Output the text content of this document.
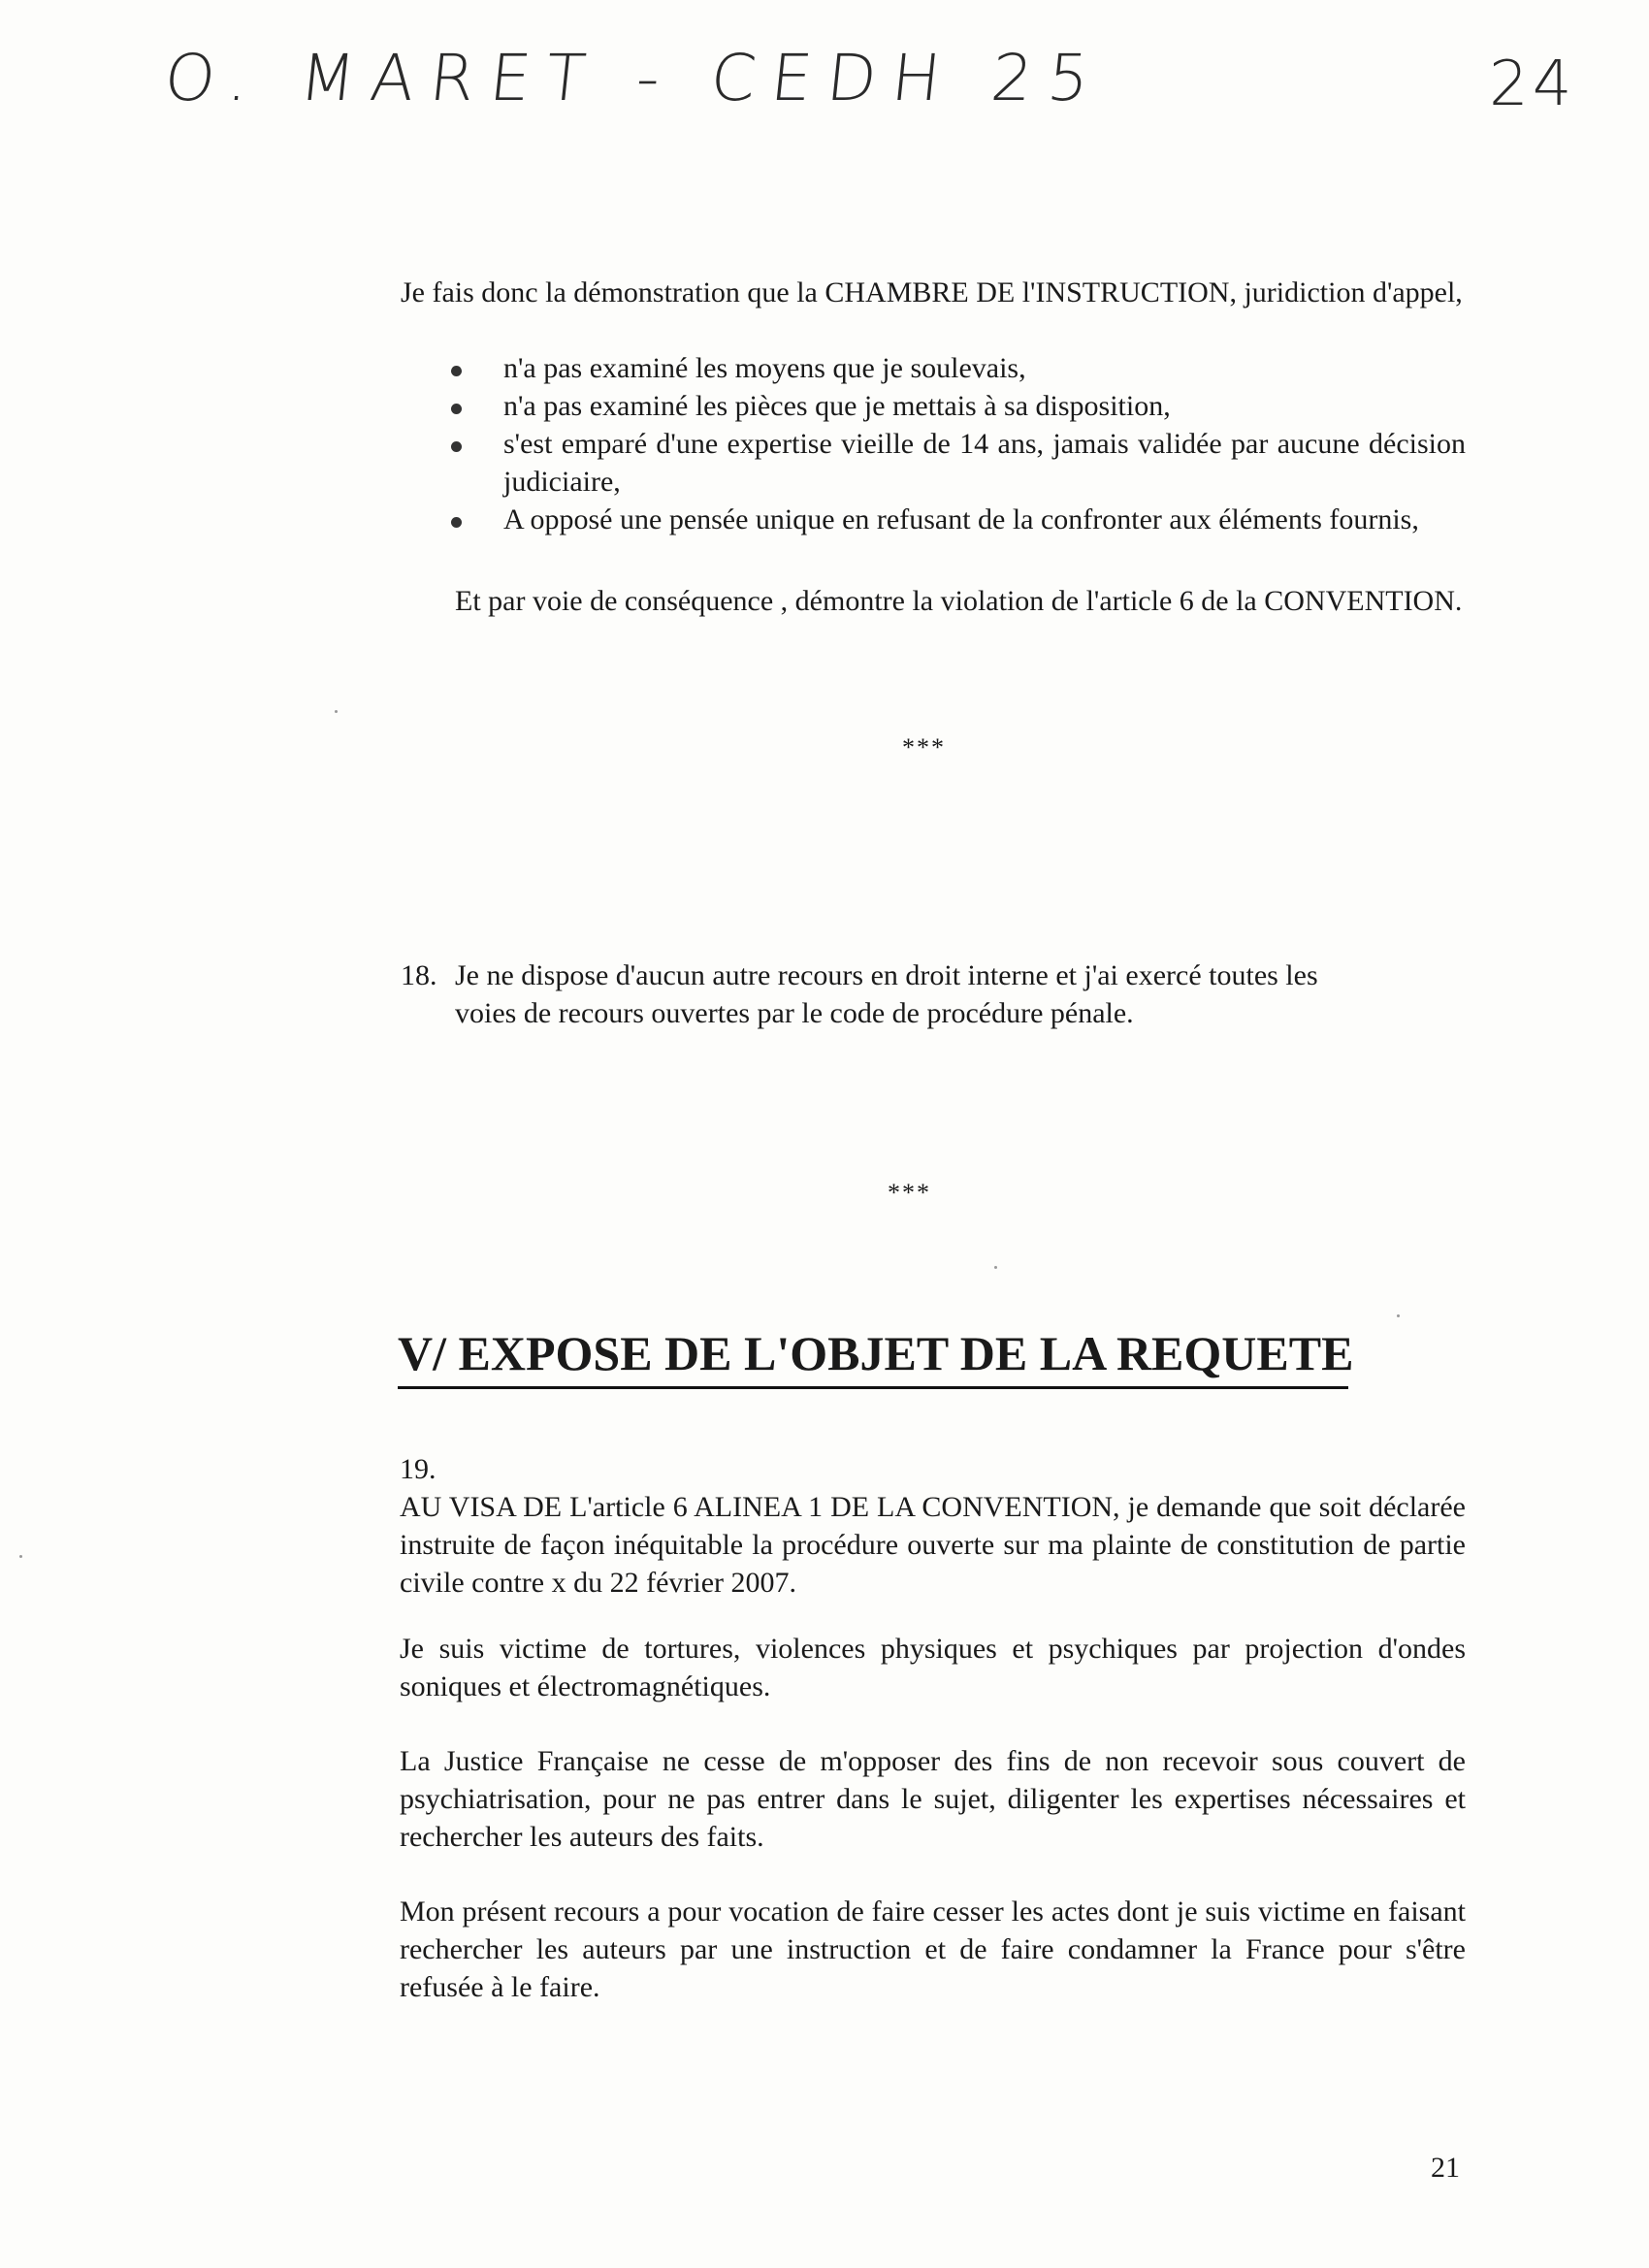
O. MARET - CEDH 25	24
Je fais donc la démonstration que la CHAMBRE DE l'INSTRUCTION, juridiction d'appel,
n'a pas examiné les moyens que je soulevais,
n'a pas examiné les pièces que je mettais à sa disposition,
s'est emparé d'une expertise vieille de 14 ans, jamais validée par aucune décision judiciaire,
A opposé une pensée unique en refusant de la confronter aux éléments fournis,
Et par voie de conséquence , démontre la violation de l'article 6 de la CONVENTION.
***
18. Je ne dispose d'aucun autre recours en droit interne et j'ai exercé toutes les
voies de recours ouvertes par le code de procédure pénale.
***
V/ EXPOSE DE L'OBJET DE LA REQUETE
19.
AU VISA DE L'article 6 ALINEA 1 DE LA CONVENTION, je demande que soit déclarée instruite de façon inéquitable la procédure ouverte sur ma plainte de constitution de partie civile contre x du 22 février 2007.
Je suis victime de tortures, violences physiques et psychiques par projection d'ondes soniques et électromagnétiques.
La Justice Française ne cesse de m'opposer des fins de non recevoir sous couvert de psychiatrisation, pour ne pas entrer dans le sujet, diligenter les expertises nécessaires et rechercher les auteurs des faits.
Mon présent recours a pour vocation de faire cesser les actes dont je suis victime en faisant rechercher les auteurs par une instruction et de faire condamner la France pour s'être refusée à le faire.
21
